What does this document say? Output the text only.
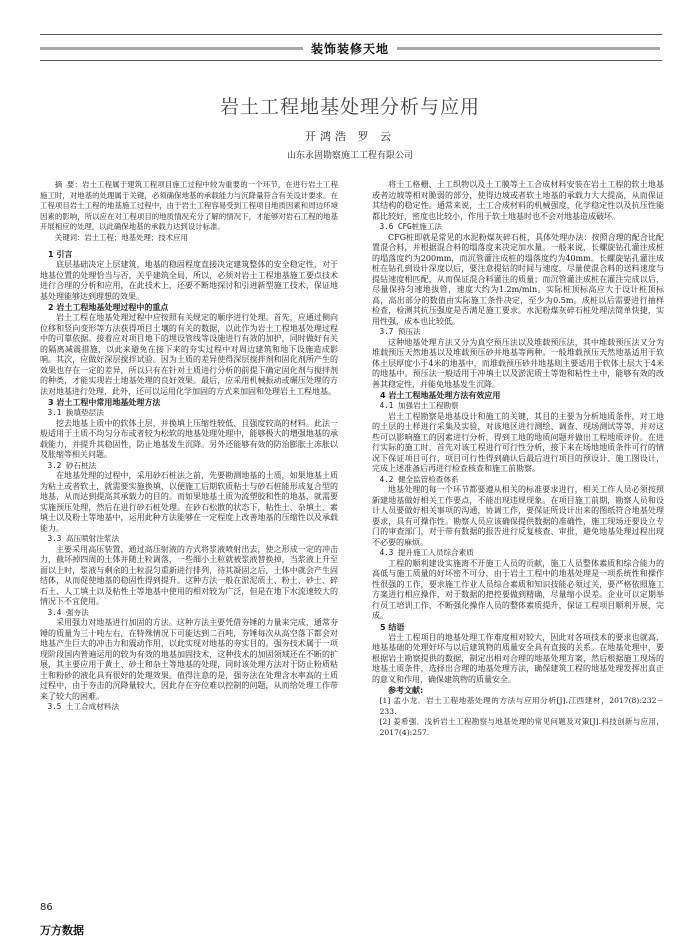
装饰装修天地
岩土工程地基处理分析与应用
开鸿浩 罗 云
山东永固勘察施工工程有限公司

摘 要：岩土工程属于建筑工程项目施工过程中较为重要的一个环节，在进行岩土工程施工时，对地基的处理属于关键，必须确保地基的承载能力与沉降量符合有关设计要求。在工程项目岩土工程的地基施工过程中，由于岩土工程容易受到工程项目地质因素和周边环境因素的影响，所以应在对工程项目的地质情况充分了解的情况下，才能够对岩石工程的地基开展相应的处理，以此确保地基的承载力达到设计标准。

关键词：岩土工程；地基处理；技术应用

1 引言

底层基础决定上层建筑，地基的稳固程度直接决定建筑整体的安全稳定性，对于地基位置的处理恰当与否，关乎建筑全局，所以，必须对岩土工程地基施工要点技术进行合理的分析和应用，在此技术上，还要不断地探讨和引进新型施工技术，保证地基处理能够达到理想的效果。

2 岩土工程地基处理过程中的重点

岩土工程在地基处理过程中应按照有关规定的顺序进行处理。首先，应通过侧向位移和竖向变形等方法获得项目土壤的有关的数据，以此作为岩土工程地基处理过程中的可靠依据。接着应对项目地下的埋设管线等设施进行有效的加护，同时做好有关的隔离减震措施，以此来避免在接下来的夯实过程中对周边建筑和地下设施造成影响。其次，应做好深层搅拌试验。因为土质的差异使得深层搅拌剂和固化剂所产生的效果也存在一定的差异，所以只有在针对土质进行分析的前提下确定固化剂与搅拌剂的种类，才能实现岩土地基处理的良好效果。最后，应采用机械振动或碾压处理的方法对地基进行处理，此外，还可以运用化学加固的方式来加固和处理岩土工程地基。

3 岩土工程中常用地基处理方法

3.1 换填垫层法

挖去地基上质中的软体土层，并换填上压缩性较低、且强度较高的材料。此法一般适用于土质不均匀分布或者较为松软的地基处理处理中，能够极大的增强地基的承载能力，并提升其稳固性，防止地基发生沉降。另外还能够有效的防治膨胀土冻胀以及胀缩等相关问题。

3.2 砂石桩法

在地基处理的过程中，采用砂石桩法之前，先要勘测地基的土质，如果地基土质为粘土或者软土，就需要实施换填，以便施工后期软质粘土与砂石桩能形成复合型的地基，从而达到提高其承载力的目的。而如果地基土质为流塑胶和性的地基，就需要实施预压处理，然后在进行砂石桩处理。在砂石松散的状态下，粘性土、杂填土、素填土以及粉土等地基中，运用此种方法能够在一定程度上改善地基的压缩性以及承载能力。

3.3 高压喷射注浆法

主要采用高压装置，通过高压射液的方式将浆液喷射出去，使之形成一定的冲击力，截坏掉四周的土体并随土粒调落，一些细小土粒就被浆液替换掉，当浆液上升至面以上时，浆液与剩余的土粒混匀重新进行排列，待其凝固之后，土体中就会产生固结体，从而促使地基的稳固性得到提升。这种方法一般在淤泥质土、粉土、砂土、碎石土、人工填土以及粘性土等地基中使用的相对较为广泛，但是在地下水流速较大的情况下不宜使用。

3.4 强夯法

采用强力对地基进行加固的方法。这种方法主要凭借夯锤的力量来完成，通常夯锤的质量为三十吨左右，在特殊情况下可能达到二百吨，夯锤每次从高空落下都会对地基产生巨大的冲击力和震动作用，以此实现对地基的夯实目的。强夯技术属于一项现阶段国内普遍运用的较为有效的地基加固技术，这种技术的加固领域还在不断的扩展，其主要应用于黄土、砂土和杂土等地基的处理，同时该处理方法对于防止粉质粘土和粉砂的液化具有很好的处理效果。值得注意的是，强夯法在处理含水率高的土质过程中，由于夯击的沉降量较大，因此存在夯位难以控制的问题，从而给处理工作带来了较大的困难。

3.5 土工合成材料法

将土工格栅、土工织物以及土工膜等土工合成材料安装在岩土工程的软土地基或者边坡等相对脆弱的部分，使得边坡或者软土地基的承载力大大提高，从而保证其结构的稳定性。通常来说，土工合成材料的机械强度，化学稳定性以及抗压性能都比较好，密度也比较小，作用于软土地基时也不会对地基造成破坏。

3.6 CFG桩施工法

CFG桩即就是常见的水泥粉煤灰碎石桩，具体处理办法：按照合理的配合比配置混合料，并根据混合料的塌落度来决定加水量。一般来说，长螺旋钻孔灌注成桩的塌落度约为200mm，而沉管灌注成桩的塌落度约为40mm。长螺旋钻孔灌注成桩在钻孔到设计深度以后，要注意提钻的时间与速度，尽量使混合料的送料速度与提钻速度相匹配，从而保证混合料灌注的质量；而沉管灌注成桩在灌注完成以后，尽量保持匀速地拔管，速度大约为1.2m/min。实际桩顶标高应大于设计桩顶标高，高出部分的数值由实际施工条件决定，至少为0.5m。成桩以后需要进行抽样检查，检测其抗压强度是否满足施工要求。水泥粉煤灰碎石桩处理法简单快捷，实用性强，成本也比较低。

3.7 预压法

这种地基处理方法又分为真空预压法以及堆载预压法，其中堆载预压法又分为堆载预压天然地基以及堆载预压砂井地基等两种。一般堆载预压天然地基适用于软体土层厚度小于4米的地基中，而堆载预压砂井地基则主要适用于软体土层大于4米的地基中。预压法一般适用于冲填土以及淤泥质土等饱和粘性土中，能够有效的改善其稳定性，并能免地基发生沉降。

4 岩土工程地基处理方法有效应用

4.1 加强岩土工程勘察

岩土工程勘察是地基设计和施工的关键，其目的主要为分析地质条件，对工地的土层的土样进行采集及实验，对该地区进行测绘、调查、现场测试等等，并对这些可以影响施工的因素进行分析，得到工地的地质问题并做出工程地质评价。在进行实际的施工时，首先对该工程进行可行性分析，接下来在场地地质条件可行的情况下保证项目可行，项目可行性得到确认后最后进行项目的预设计、施工图设计，完成上述准备后再进行检查核查和施工前勘察。

4.2 健全监管检查体系

地基处理的每一个环节都要遵从相关的标准要求进行，相关工作人员必须按照新建地基做好相关工作要点，不能出现违规现象。在项目施工前期，勘察人员和设计人员要做好相关事项的沟通，协调工作，要保证所设计出来的图纸符合地基处理要求，具有可操作性。勘察人员应该确保提供数据的准确性，施工现场还要设立专门的审查部门，对于带有数据的报告进行反复核查、审批，避免地基处理过程出现不必要的麻烦。

4.3 提升施工人员综合素质

工程的顺利建设实施离不开施工人员的贡献，施工人员整体素质和综合能力的高低与施工质量的好坏密不可分，由于岩土工程中的地基处理是一项系统性和操作性很强的工作，要求施工作业人员综合素质和知识技能必须过关，要严格依照施工方案进行相应操作，对于数据的把控要做到精确，尽量缩小误差。企业可以定期举行员工培训工作，不断强化操作人员的整体素质提升，保证工程项目顺利开展，完成。

5 结语

岩土工程项目的地基处理工作难度相对较大，因此对各项技术的要求也就高，地基基础的处理好坏与以后建筑物的质量安全具有直接的关系。在地基处理中，要根据岩土勘察提供的数据，制定出相对合理的地基处理方案，然后根据施工现场的地基土质条件，选择出合理的地基处理方法，确保建筑工程的地基处理发挥出真正的意义和作用，确保建筑物的质量安全。

参考文献:

[1] 孟小龙．岩土工程地基处理的方法与应用分析[J].江西建材，2017(8):232－233.

[2] 姜希强．浅析岩土工程勘察与地基处理的常见问题及对策[J].科技创新与应用，2017(4):257.

86
万方数据
